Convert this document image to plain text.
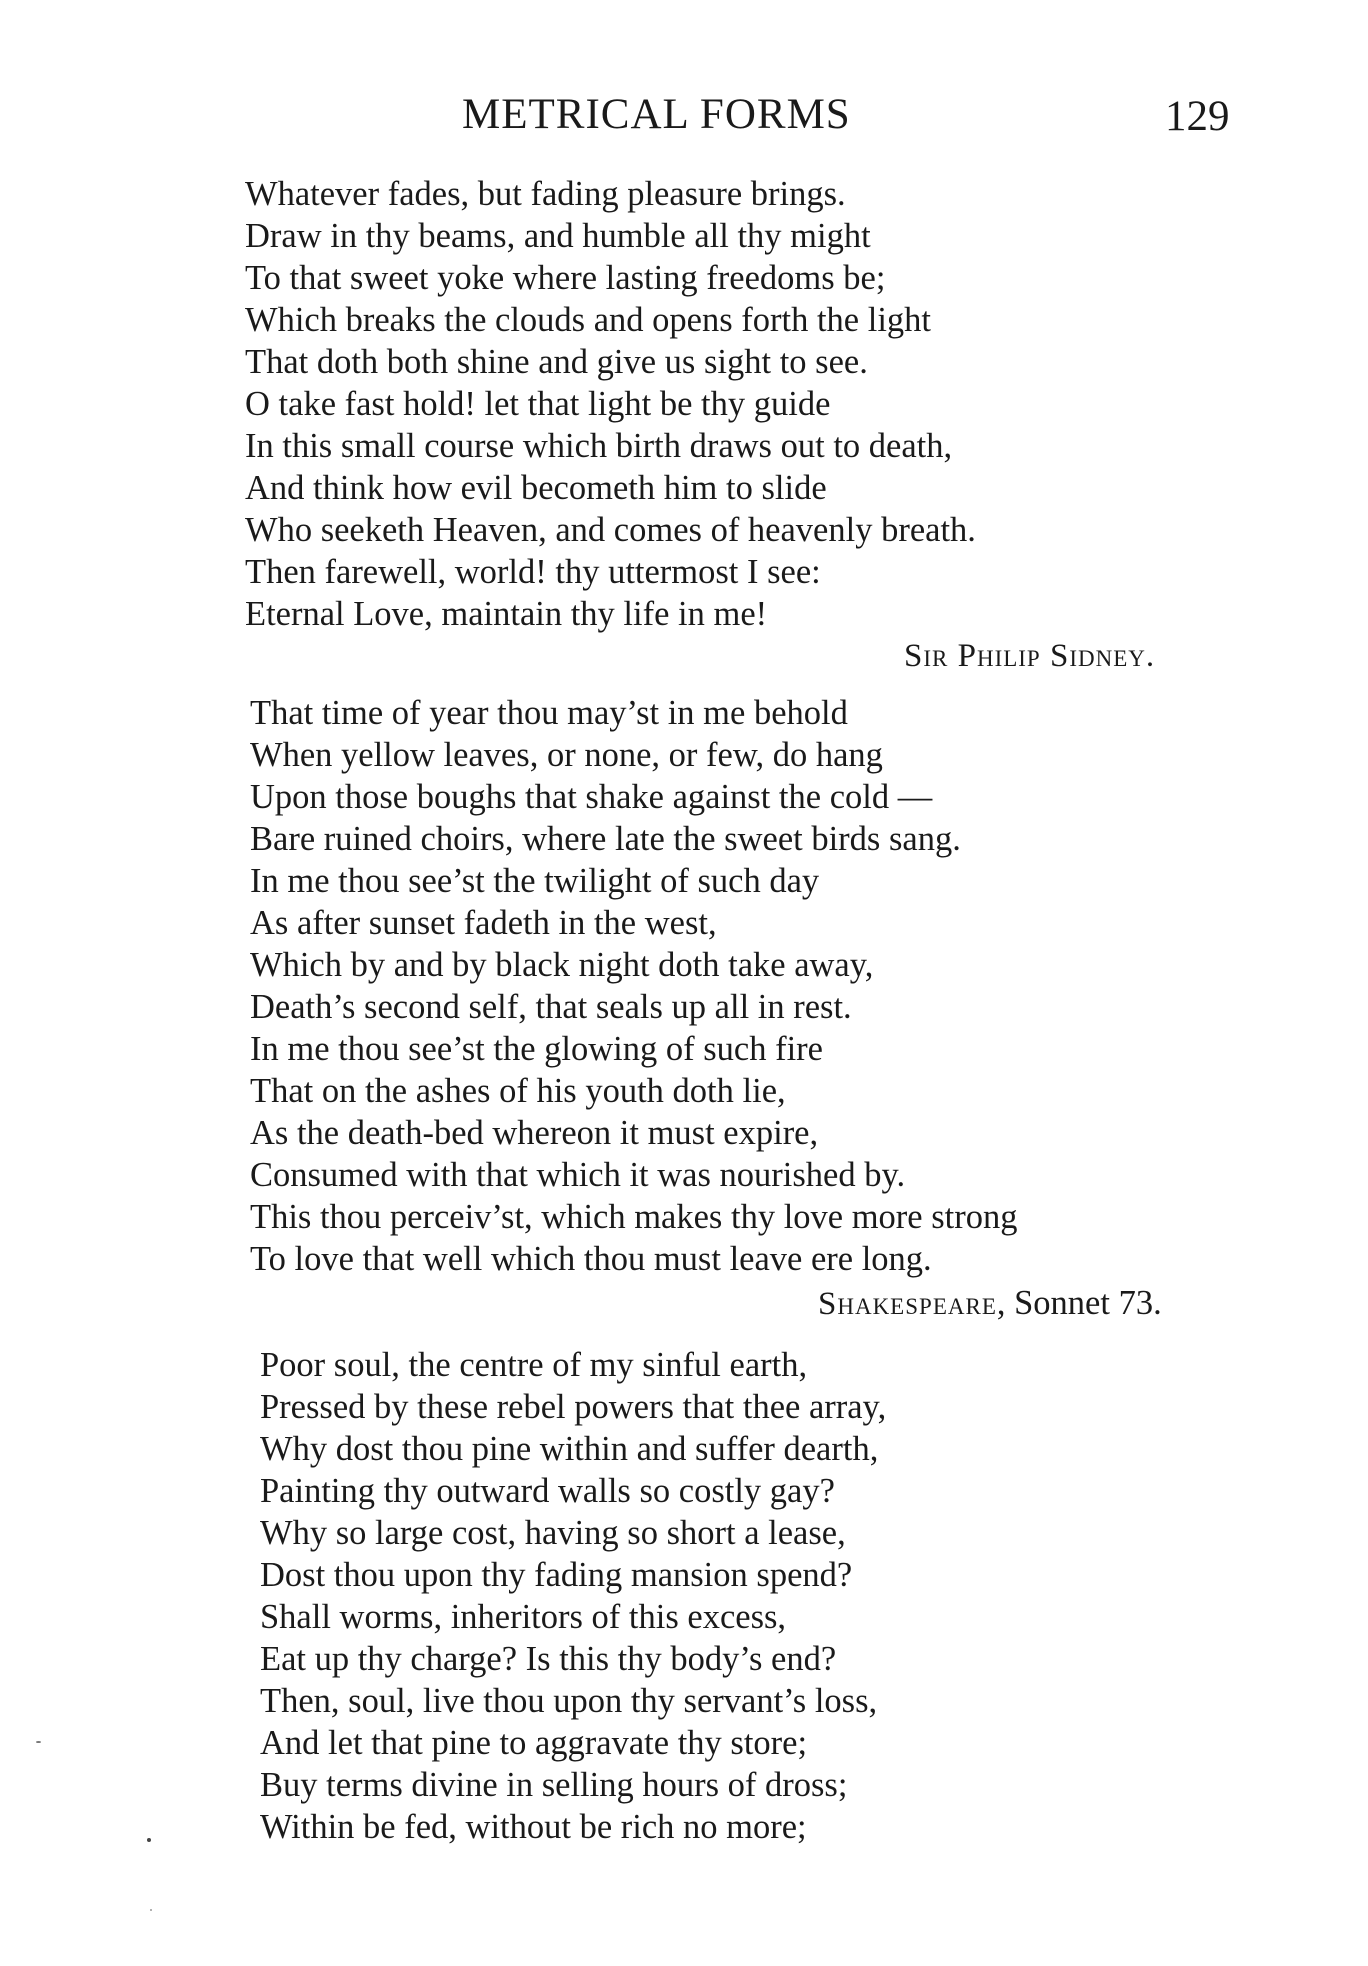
METRICAL FORMS	129
Whatever fades, but fading pleasure brings.
Draw in thy beams, and humble all thy might
To that sweet yoke where lasting freedoms be;
Which breaks the clouds and opens forth the light
That doth both shine and give us sight to see.
O take fast hold! let that light be thy guide
In this small course which birth draws out to death,
And think how evil becometh him to slide
Who seeketh Heaven, and comes of heavenly breath.
Then farewell, world! thy uttermost I see:
Eternal Love, maintain thy life in me!
Sir Philip Sidney.
That time of year thou may’st in me behold
When yellow leaves, or none, or few, do hang
Upon those boughs that shake against the cold —
Bare ruined choirs, where late the sweet birds sang.
In me thou see’st the twilight of such day
As after sunset fadeth in the west,
Which by and by black night doth take away,
Death’s second self, that seals up all in rest.
In me thou see’st the glowing of such fire
That on the ashes of his youth doth lie,
As the death-bed whereon it must expire,
Consumed with that which it was nourished by.
This thou perceiv’st, which makes thy love more strong
To love that well which thou must leave ere long.
Shakespeare, Sonnet 73.
Poor soul, the centre of my sinful earth,
Pressed by these rebel powers that thee array,
Why dost thou pine within and suffer dearth,
Painting thy outward walls so costly gay?
Why so large cost, having so short a lease,
Dost thou upon thy fading mansion spend?
Shall worms, inheritors of this excess,
Eat up thy charge? Is this thy body’s end?
Then, soul, live thou upon thy servant’s loss,
And let that pine to aggravate thy store;
Buy terms divine in selling hours of dross;
Within be fed, without be rich no more;
